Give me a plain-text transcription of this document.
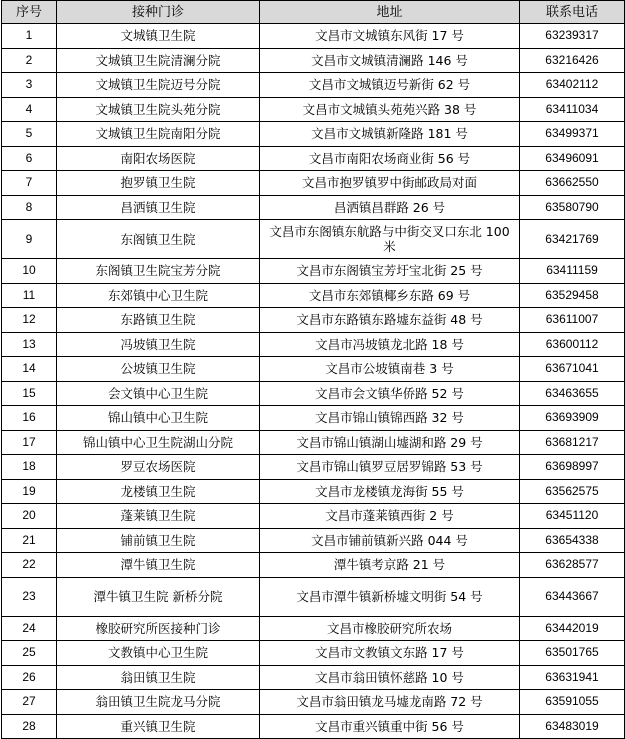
序号	接种门诊	地址	联系电话
1	文城镇卫生院	文昌市文城镇东风街 17 号	63239317
2	文城镇卫生院清澜分院	文昌市文城镇清澜路 146 号	63216426
3	文城镇卫生院迈号分院	文昌市文城镇迈号新街 62 号	63402112
4	文城镇卫生院头苑分院	文昌市文城镇头苑苑兴路 38 号	63411034
5	文城镇卫生院南阳分院	文昌市文城镇新隆路 181 号	63499371
6	南阳农场医院	文昌市南阳农场商业街 56 号	63496091
7	抱罗镇卫生院	文昌市抱罗镇罗中街邮政局对面	63662550
8	昌洒镇卫生院	昌洒镇昌群路 26 号	63580790
9	东阁镇卫生院	文昌市东阁镇东航路与中街交叉口东北 100 米	63421769
10	东阁镇卫生院宝芳分院	文昌市东阁镇宝芳圩宝北街 25 号	63411159
11	东郊镇中心卫生院	文昌市东郊镇椰乡东路 69 号	63529458
12	东路镇卫生院	文昌市东路镇东路墟东益街 48 号	63611007
13	冯坡镇卫生院	文昌市冯坡镇龙北路 18 号	63600112
14	公坡镇卫生院	文昌市公坡镇南巷 3 号	63671041
15	会文镇中心卫生院	文昌市会文镇华侨路 52 号	63463655
16	锦山镇中心卫生院	文昌市锦山镇锦西路 32 号	63693909
17	锦山镇中心卫生院湖山分院	文昌市锦山镇湖山墟湖和路 29 号	63681217
18	罗豆农场医院	文昌市锦山镇罗豆居罗锦路 53 号	63698997
19	龙楼镇卫生院	文昌市龙楼镇龙海街 55 号	63562575
20	蓬莱镇卫生院	文昌市蓬莱镇西街 2 号	63451120
21	铺前镇卫生院	文昌市铺前镇新兴路 044 号	63654338
22	潭牛镇卫生院	潭牛镇考京路 21 号	63628577
23	潭牛镇卫生院 新桥分院	文昌市潭牛镇新桥墟文明街 54 号	63443667
24	橡胶研究所医接种门诊	文昌市橡胶研究所农场	63442019
25	文教镇中心卫生院	文昌市文教镇文东路 17 号	63501765
26	翁田镇卫生院	文昌市翁田镇怀慈路 10 号	63631941
27	翁田镇卫生院龙马分院	文昌市翁田镇龙马墟龙南路 72 号	63591055
28	重兴镇卫生院	文昌市重兴镇重中街 56 号	63483019
